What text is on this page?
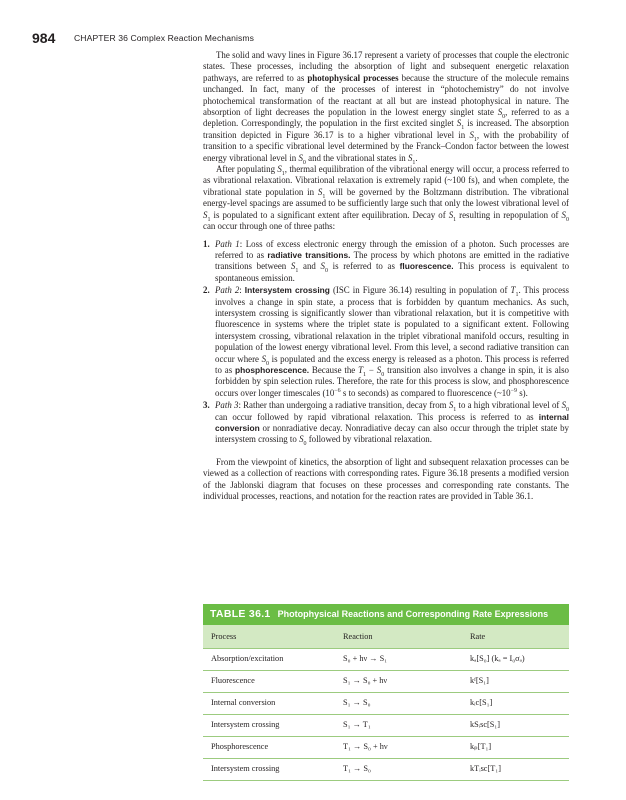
984 CHAPTER 36 Complex Reaction Mechanisms

The solid and wavy lines in Figure 36.17 represent a variety of processes that couple the electronic states. These processes, including the absorption of light and subsequent energetic relaxation pathways, are referred to as photophysical processes because the structure of the molecule remains unchanged. In fact, many of the processes of interest in “photochemistry” do not involve photochemical transformation of the reactant at all but are instead photophysical in nature. The absorption of light decreases the population in the lowest energy singlet state $S_0$, referred to as a depletion. Correspondingly, the population in the first excited singlet $S_1$ is increased. The absorption transition depicted in Figure 36.17 is to a higher vibrational level in $S_1$, with the probability of transition to a specific vibrational level determined by the Franck–Condon factor between the lowest energy vibrational level in $S_0$ and the vibrational states in $S_1$.

After populating $S_1$, thermal equilibration of the vibrational energy will occur, a process referred to as vibrational relaxation. Vibrational relaxation is extremely rapid (~100 fs), and when complete, the vibrational state population in $S_1$ will be governed by the Boltzmann distribution. The vibrational energy-level spacings are assumed to be sufficiently large such that only the lowest vibrational level of $S_1$ is populated to a significant extent after equilibration. Decay of $S_1$ resulting in repopulation of $S_0$ can occur through one of three paths:

1. Path 1: Loss of excess electronic energy through the emission of a photon. Such processes are referred to as radiative transitions. The process by which photons are emitted in the radiative transitions between $S_1$ and $S_0$ is referred to as fluorescence. This process is equivalent to spontaneous emission.
2. Path 2: Intersystem crossing (ISC in Figure 36.14) resulting in population of $T_1$. This process involves a change in spin state, a process that is forbidden by quantum mechanics. As such, intersystem crossing is significantly slower than vibrational relaxation, but it is competitive with fluorescence in systems where the triplet state is populated to a significant extent. Following intersystem crossing, vibrational relaxation in the triplet vibrational manifold occurs, resulting in population of the lowest energy vibrational level. From this level, a second radiative transition can occur where $S_0$ is populated and the excess energy is released as a photon. This process is referred to as phosphorescence. Because the $T_1 - S_0$ transition also involves a change in spin, it is also forbidden by spin selection rules. Therefore, the rate for this process is slow, and phosphorescence occurs over longer timescales ($10^{-6}$ s to seconds) as compared to fluorescence ($\sim 10^{-9}$ s).
3. Path 3: Rather than undergoing a radiative transition, decay from $S_1$ to a high vibrational level of $S_0$ can occur followed by rapid vibrational relaxation. This process is referred to as internal conversion or nonradiative decay. Nonradiative decay can also occur through the triplet state by intersystem crossing to $S_0$ followed by vibrational relaxation.

From the viewpoint of kinetics, the absorption of light and subsequent relaxation processes can be viewed as a collection of reactions with corresponding rates. Figure 36.18 presents a modified version of the Jablonski diagram that focuses on these processes and corresponding rate constants. The individual processes, reactions, and notation for the reaction rates are provided in Table 36.1.

TABLE 36.1 Photophysical Reactions and Corresponding Rate Expressions
Process	Reaction	Rate
Absorption/excitation	S₀ + hν → S₁	kₐ[S₀] (kₐ = I₀σₐ)
Fluorescence	S₁ → S₀ + hν	kᶠ[S₁]
Internal conversion	S₁ → S₀	kᵢc[S₁]
Intersystem crossing	S₁ → T₁	kSᵢsc[S₁]
Phosphorescence	T₁ → S₀ + hν	kₚ[T₁]
Intersystem crossing	T₁ → S₀	kTᵢsc[T₁]
